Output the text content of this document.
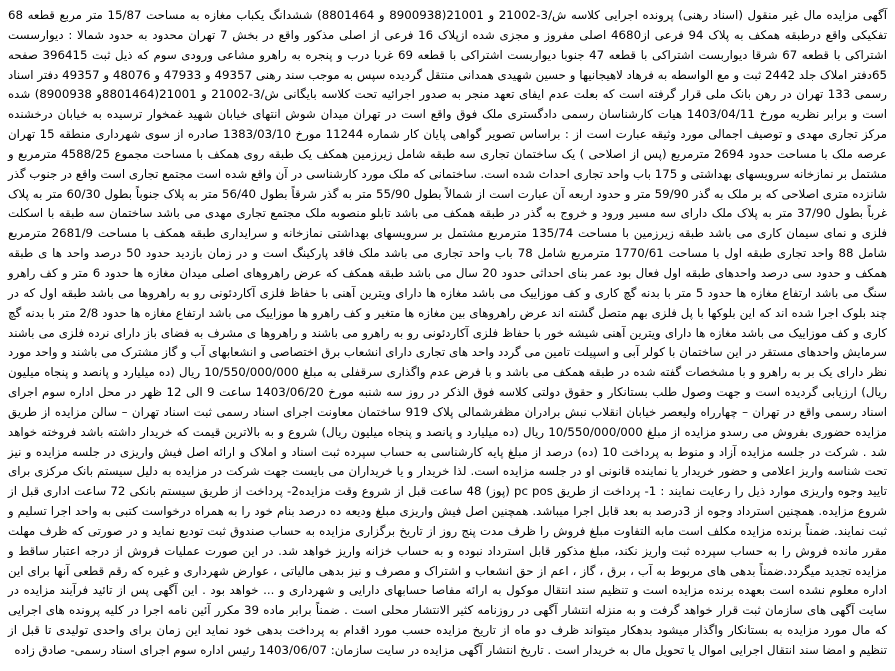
آگهی مزایده مال غیر منقول (اسناد رهنی) پرونده اجرایی کلاسه ش/3-21002 و 21001(8900938 و 8801464) ششدانگ یکباب مغازه به مساحت 15/87 متر مربع قطعه 68 تفکیکی واقع درطبقه همکف به پلاک 94 فرعی از4680 اصلی مفروز و مجزی شده ازپلاک 16 فرعی از اصلی مذکور واقع در بخش 7 تهران محدود به حدود شمالا : دیوارسست اشتراکی با قطعه 67 شرقا دیواربست اشتراکی با قطعه 47 جنوبا دیواربست اشتراکی با قطعه 69 غربا درب و پنجره به راهرو مشاعی ورودی سوم که ذیل ثبت 396415 صفحه 65دفتر املاک جلد 2442 ثبت و مع الواسطه به فرهاد لاهیجانیها و حسین شهیدی همدانی منتقل گردیده سپس به موجب سند رهنی 49357 و 47933 و 48076 و 49357 دفتر اسناد رسمی 133 تهران در رهن بانک ملی قرار گرفته است که بعلت عدم ایفای تعهد منجر به صدور اجرائیه تحت کلاسه بایگانی ش/3-21002 و 21001(8801464و 8900938) شده است و برابر نظریه مورخ 1403/04/11 هیات کارشناسان رسمی دادگستری ملک فوق واقع است در تهران میدان شوش انتهای خیابان شهید غمخوار ترسیده به خیابان درخشنده مرکز تجاری مهدی و توصیف اجمالی مورد وثیقه عبارت است از : براساس تصویر گواهی پایان کار شماره 11244 مورخ 1383/03/10 صادره از سوی شهرداری منطقه 15 تهران عرصه ملک با مساحت حدود 2694 مترمربع (پس از اصلاحی ) یک ساختمان تجاری سه طبقه شامل زیرزمین همکف یک طبقه روی همکف با مساحت مجموع 4588/25 مترمربع و مشتمل بر نمازخانه سرویسهای بهداشتی و 175 باب واحد تجاری احداث شده است. ساختمانی که ملک مورد کارشناسی در آن واقع شده است مجتمع تجاری است واقع در جنوب گذر شانزده متری اصلاحی که بر ملک به گذر 59/90 متر و حدود اربعه آن عبارت است از شمالاً بطول 55/90 متر به گذر شرقاً بطول 56/40 متر به پلاک جنوباً بطول 60/30 متر به پلاک غرباً بطول 37/90 متر به پلاک ملک دارای سه مسیر ورود و خروج به گذر در طبقه همکف می باشد تابلو منصوبه ملک مجتمع تجاری مهدی می باشد ساختمان سه طبقه با اسکلت فلزی و نمای سیمان کاری می باشد طبقه زیرزمین با مساحت 135/74 مترمربع مشتمل بر سرویسهای بهداشتی نمازخانه و سرایداری طبقه همکف با مساحت 2681/9 مترمربع شامل 88 واحد تجاری طبقه اول با مساحت 1770/61 مترمربع شامل 78 باب واحد تجاری می باشد ملک فاقد پارکینگ است و در زمان بازدید حدود 50 درصد واحد ها ی طبقه همکف و حدود سی درصد واحدهای طبقه اول فعال بود عمر بنای احداثی حدود 20 سال می باشد طبقه همکف که عرض راهروهای اصلی میدان مغازه ها حدود 6 متر و کف راهرو سنگ می باشد ارتفاع مغازه ها حدود 5 متر با بدنه گچ کاری و کف موزاییک می باشد مغازه ها دارای ویترین آهنی با حفاظ فلزی آکاردئونی رو به راهروها می باشد طبقه اول که در چند بلوک اجرا شده اند که این بلوکها با پل فلزی بهم متصل گشته اند عرض راهروهای بین مغازه ها متغیر و کف راهرو ها موزاییک می باشد ارتفاع مغازه ها حدود 2/8 متر با بدنه گچ کاری و کف موزاییک می باشد مغازه ها دارای ویترین آهنی شیشه خور با حفاظ فلزی آکاردئونی رو به راهرو می باشند و راهروها ی مشرف به فضای باز دارای نرده فلزی می باشند سرمایش واحدهای مستقر در این ساختمان با کولر آبی و اسپیلت تامین می گردد واحد های تجاری دارای انشعاب برق اختصاصی و انشعابهای آب و گاز مشترک می باشند و واحد مورد نظر دارای یک بر به راهرو و با مشخصات گفته شده در طبقه همکف می باشد و با فرض عدم واگذاری سرقفلی به مبلغ 10/550/000/000 ریال (ده میلیارد و پانصد و پنجاه میلیون ریال) ارزیابی گردیده است و جهت وصول طلب بستانکار و حقوق دولتی کلاسه فوق الذکر در روز سه شنبه مورخ 1403/06/20 ساعت 9 الی 12 ظهر در محل اداره سوم اجرای اسناد رسمی واقع در تهران – چهارراه ولیعصر خیابان انقلاب نبش برادران مظفرشمالی پلاک 919 ساختمان معاونت اجرای اسناد رسمی ثبت اسناد تهران – سالن مزایده از طریق مزایده حضوری بفروش می رسدو مزایده از مبلغ 10/550/000/000 ریال (ده میلیارد و پانصد و پنجاه میلیون ریال) شروع و به بالاترین قیمت که خریدار داشته باشد فروخته خواهد شد . شرکت در جلسه مزایده آزاد و منوط به پرداخت 10 (ده) درصد از مبلغ پایه کارشناسی به حساب سپرده ثبت اسناد و املاک و ارائه اصل فیش واریزی در جلسه مزایده و نیز تحت شناسه واریز اعلامی و حضور خریدار یا نماینده قانونی او در جلسه مزایده است. لذا خریدار و یا خریداران می بایست جهت شرکت در مزایده به دلیل سیستم بانک مرکزی برای تایید وجوه واریزی موارد ذیل را رعایت نمایند : 1- پرداخت از طریق pc pos (پوز) 48 ساعت قبل از شروع وقت مزایده2- پرداخت از طریق سیستم بانکی 72 ساعت اداری قبل از شروع مزایده. همچنین استرداد وجوه از 3درصد به بعد قابل اجرا میباشد. همچنین اصل فیش واریزی مبلغ ودیعه ده درصد بنام خود را به همراه درخواست کتبی به واحد اجرا تسلیم و ثبت نمایند. ضمناً برنده مزایده مکلف است مابه التفاوت مبلغ فروش را ظرف مدت پنج روز از تاریخ برگزاری مزایده به حساب صندوق ثبت تودیع نماید و در صورتی که ظرف مهلت مقرر مانده فروش را به حساب سپرده ثبت واریز نکند، مبلغ مذکور قابل استرداد نبوده و به حساب خزانه واریز خواهد شد. در این صورت عملیات فروش از درجه اعتبار ساقط و مزایده تجدید میگردد.ضمناً بدهی های مربوط به آب ، برق ، گاز ، اعم از حق انشعاب و اشتراک و مصرف و نیز بدهی مالیاتی ، عوارض شهرداری و غیره که رقم قطعی آنها برای این اداره معلوم نشده است بعهده برنده مزایده است و تنظیم سند انتقال موکول به ارائه مفاصا حسابهای دارایی و شهرداری و ... خواهد بود . این آگهی پس از تائید فرآیند مزایده در سایت آگهی های سازمان ثبت قرار خواهد گرفت و به منزله انتشار آگهی در روزنامه کثیر الانتشار محلی است . ضمناً برابر ماده 39 مکرر آئین نامه اجرا در کلیه پرونده های اجرایی که مال مورد مزایده به بستانکار واگذار میشود بدهکار میتواند ظرف دو ماه از تاریخ مزایده حسب مورد اقدام به پرداخت بدهی خود نماید این زمان برای واحدی تولیدی تا قبل از تنظیم و امضا سند انتقال اجرایی اموال یا تحویل مال به خریدار است . تاریخ انتشار آگهی مزایده در سایت سازمان: 1403/06/07 رئیس اداره سوم اجرای اسناد رسمی- صادق زاده
